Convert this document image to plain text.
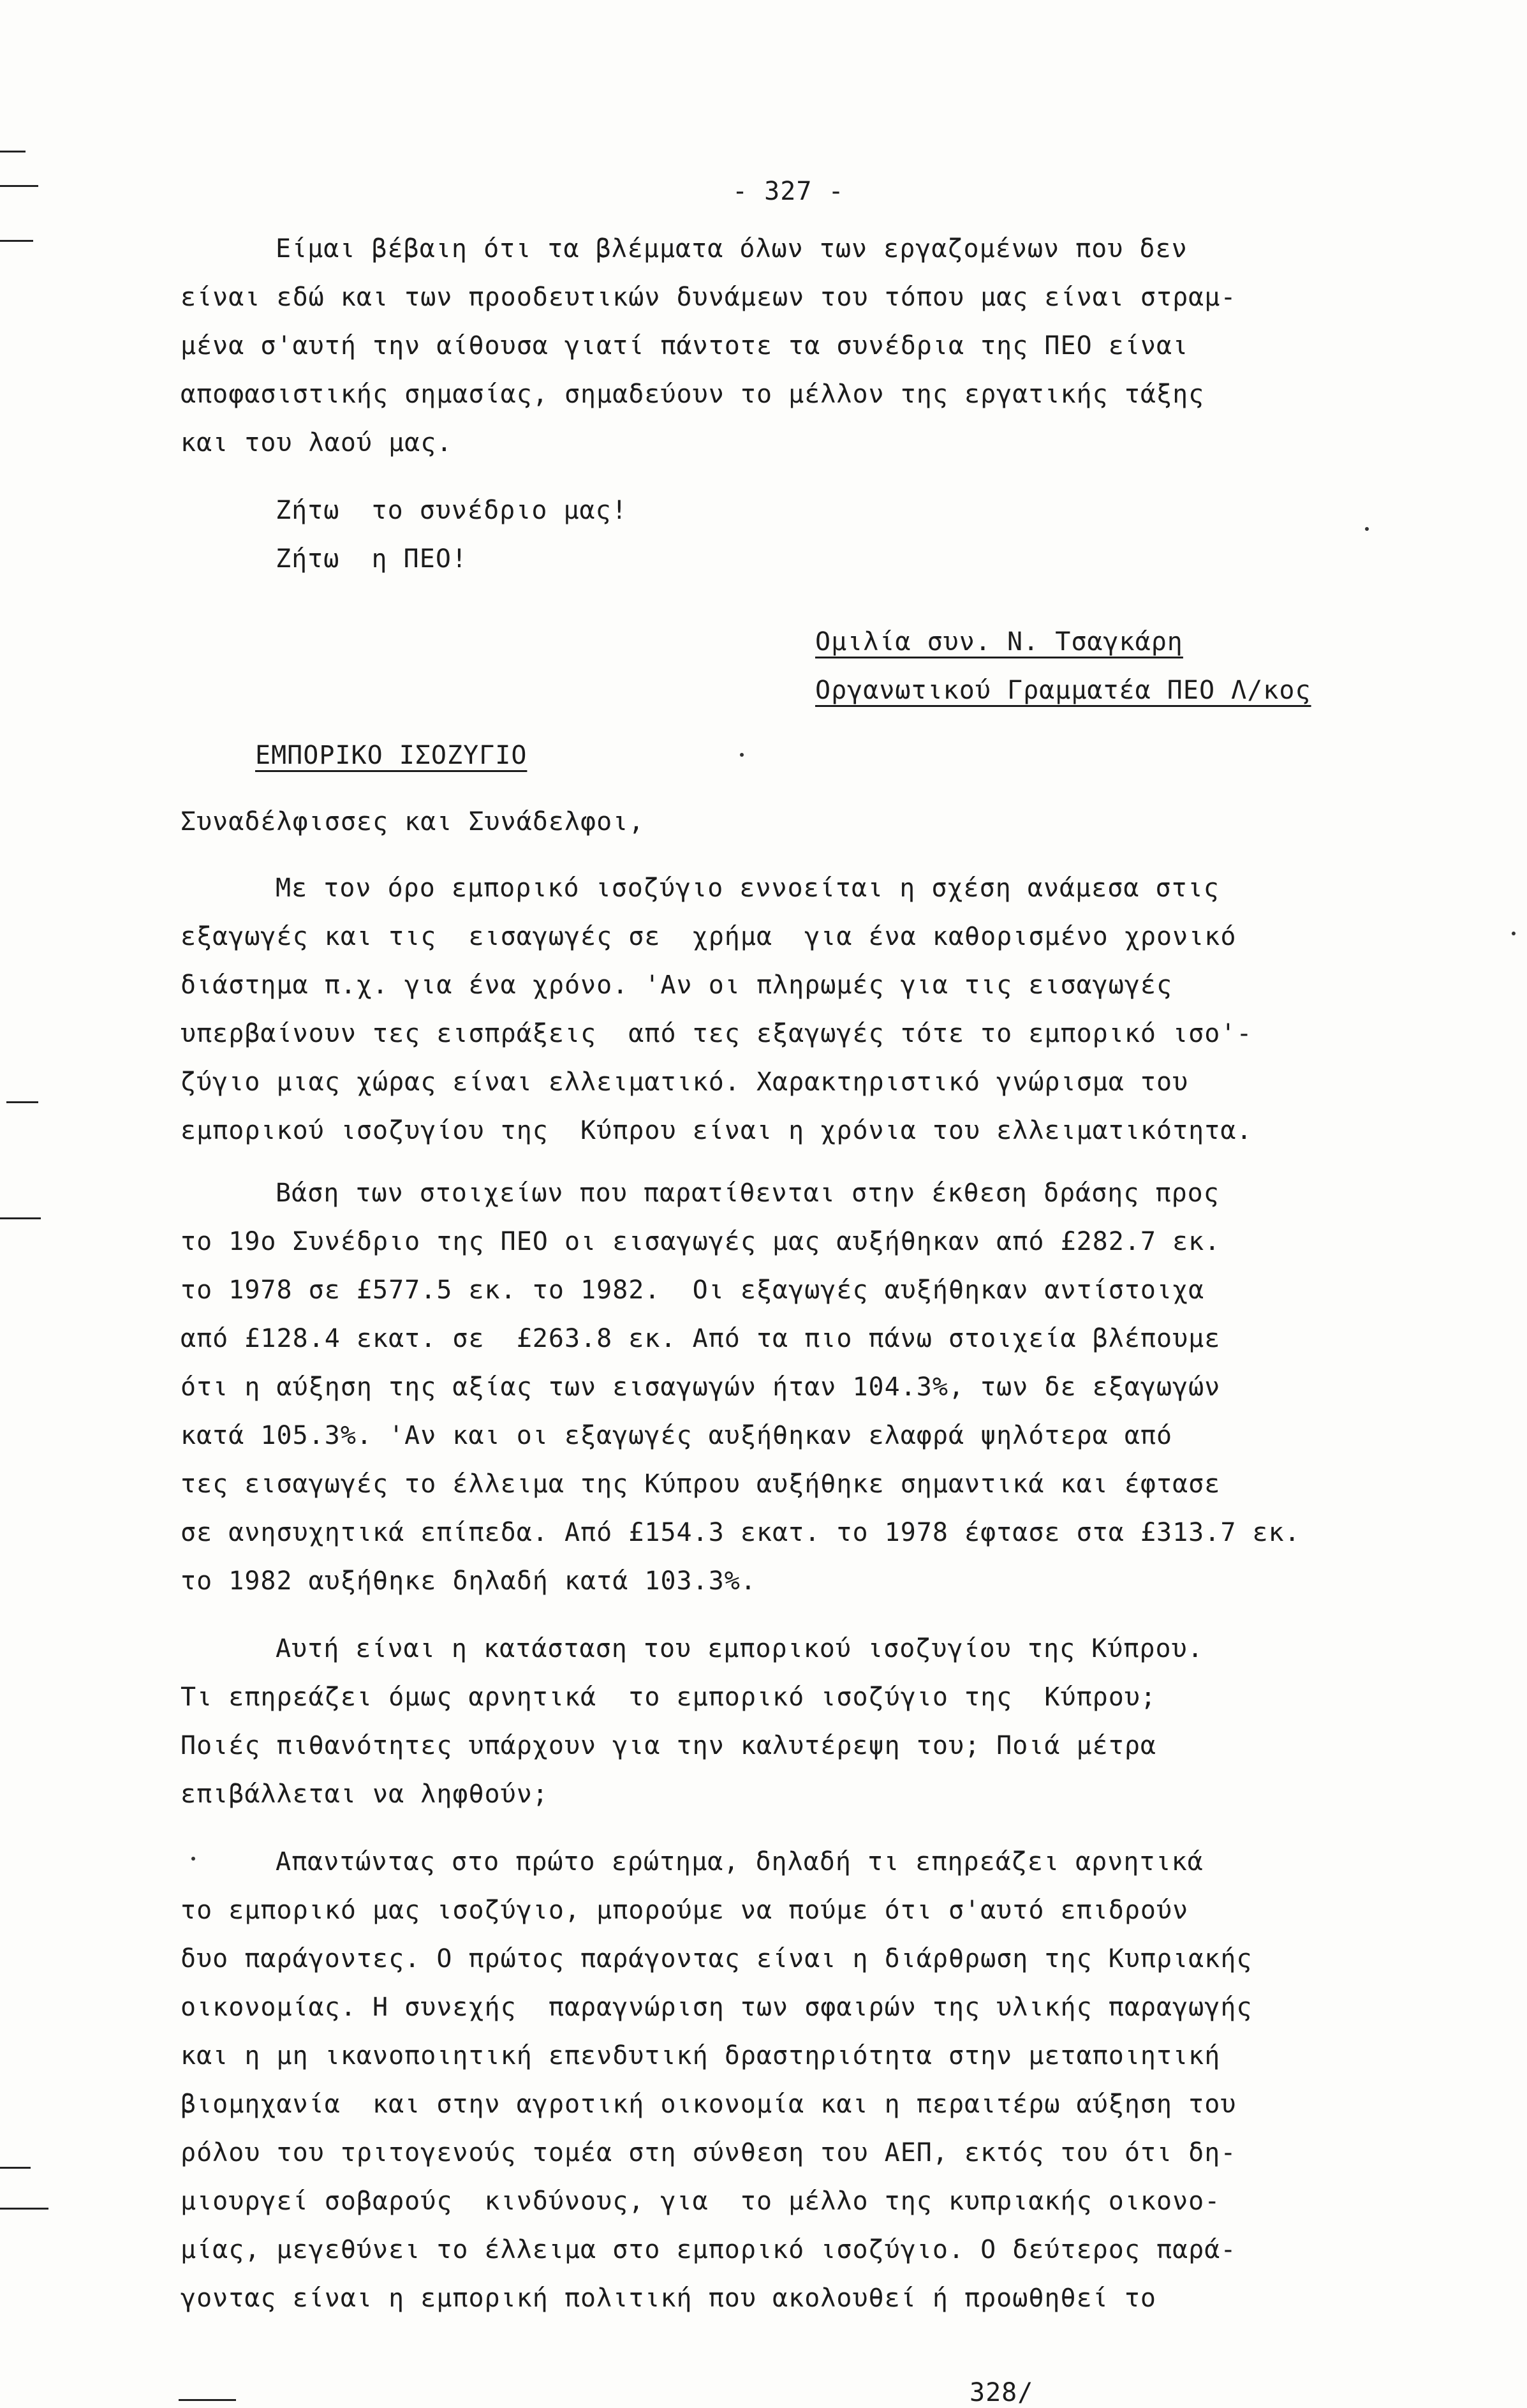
- 327 -
Είμαι βέβαιη ότι τα βλέμματα όλων των εργαζομένων που δεν
είναι εδώ και των προοδευτικών δυνάμεων του τόπου μας είναι στραμ-
μένα σ'αυτή την αίθουσα γιατί πάντοτε τα συνέδρια της ΠΕΟ είναι
αποφασιστικής σημασίας, σημαδεύουν το μέλλον της εργατικής τάξης
και του λαού μας.
Ζήτω  το συνέδριο μας!
Ζήτω  η ΠΕΟ!
Ομιλία συν. Ν. Τσαγκάρη
Οργανωτικού Γραμματέα ΠΕΟ Λ/κος
ΕΜΠΟΡΙΚΟ ΙΣΟΖΥΓΙΟ
Συναδέλφισσες και Συνάδελφοι,
Με τον όρο εμπορικό ισοζύγιο εννοείται η σχέση ανάμεσα στις
εξαγωγές και τις  εισαγωγές σε  χρήμα  για ένα καθορισμένο χρονικό
διάστημα π.χ. για ένα χρόνο. 'Αν οι πληρωμές για τις εισαγωγές
υπερβαίνουν τες εισπράξεις  από τες εξαγωγές τότε το εμπορικό ισο'-
ζύγιο μιας χώρας είναι ελλειματικό. Χαρακτηριστικό γνώρισμα του
εμπορικού ισοζυγίου της  Κύπρου είναι η χρόνια του ελλειματικότητα.
Βάση των στοιχείων που παρατίθενται στην έκθεση δράσης προς
το 19ο Συνέδριο της ΠΕΟ οι εισαγωγές μας αυξήθηκαν από £282.7 εκ.
το 1978 σε £577.5 εκ. το 1982.  Οι εξαγωγές αυξήθηκαν αντίστοιχα
από £128.4 εκατ. σε  £263.8 εκ. Από τα πιο πάνω στοιχεία βλέπουμε
ότι η αύξηση της αξίας των εισαγωγών ήταν 104.3%, των δε εξαγωγών
κατά 105.3%. 'Αν και οι εξαγωγές αυξήθηκαν ελαφρά ψηλότερα από
τες εισαγωγές το έλλειμα της Κύπρου αυξήθηκε σημαντικά και έφτασε
σε ανησυχητικά επίπεδα. Από £154.3 εκατ. το 1978 έφτασε στα £313.7 εκ.
το 1982 αυξήθηκε δηλαδή κατά 103.3%.
Αυτή είναι η κατάσταση του εμπορικού ισοζυγίου της Κύπρου.
Τι επηρεάζει όμως αρνητικά  το εμπορικό ισοζύγιο της  Κύπρου;
Ποιές πιθανότητες υπάρχουν για την καλυτέρεψη του; Ποιά μέτρα
επιβάλλεται να ληφθούν;
Απαντώντας στο πρώτο ερώτημα, δηλαδή τι επηρεάζει αρνητικά
το εμπορικό μας ισοζύγιο, μπορούμε να πούμε ότι σ'αυτό επιδρούν
δυο παράγοντες. Ο πρώτος παράγοντας είναι η διάρθρωση της Κυπριακής
οικονομίας. Η συνεχής  παραγνώριση των σφαιρών της υλικής παραγωγής
και η μη ικανοποιητική επενδυτική δραστηριότητα στην μεταποιητική
βιομηχανία  και στην αγροτική οικονομία και η περαιτέρω αύξηση του
ρόλου του τριτογενούς τομέα στη σύνθεση του ΑΕΠ, εκτός του ότι δη-
μιουργεί σοβαρούς  κινδύνους, για  το μέλλο της κυπριακής οικονο-
μίας, μεγεθύνει το έλλειμα στο εμπορικό ισοζύγιο. Ο δεύτερος παρά-
γοντας είναι η εμπορική πολιτική που ακολουθεί ή προωθηθεί το
328/
